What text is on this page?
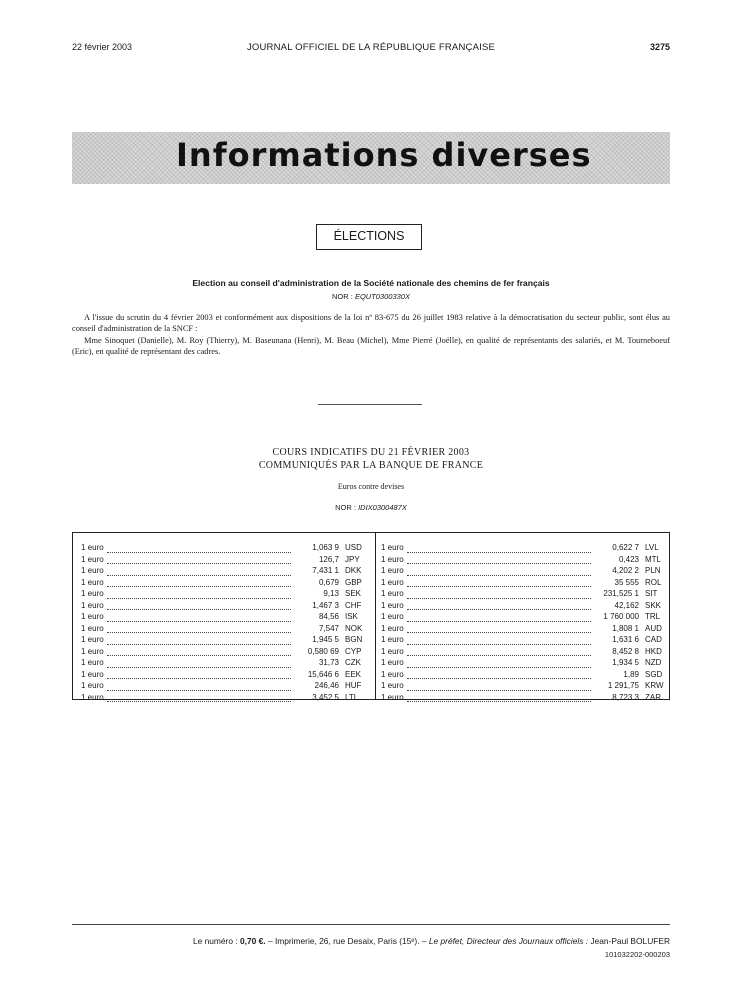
22 février 2003	JOURNAL OFFICIEL DE LA RÉPUBLIQUE FRANÇAISE	3275
Informations diverses
ÉLECTIONS
Election au conseil d'administration de la Société nationale des chemins de fer français
NOR : EQUT0300330X
A l'issue du scrutin du 4 février 2003 et conformément aux dispositions de la loi nº 83-675 du 26 juillet 1983 relative à la démocratisation du secteur public, sont élus au conseil d'administration de la SNCF :
Mme Sinoquet (Danielle), M. Roy (Thierry), M. Baseunana (Henri), M. Beau (Michel), Mme Pierré (Joëlle), en qualité de représentants des salariés, et M. Tourneboeuf (Eric), en qualité de représentant des cadres.
COURS INDICATIFS DU 21 FÉVRIER 2003
COMMUNIQUÉS PAR LA BANQUE DE FRANCE
Euros contre devises
NOR : IDIX0300487X
1 euro	1,063 9 USD
1 euro	126,7 JPY
1 euro	7,431 1 DKK
1 euro	0,679 GBP
1 euro	9,13 SEK
1 euro	1,467 3 CHF
1 euro	84,56 ISK
1 euro	7,547 NOK
1 euro	1,945 5 BGN
1 euro	0,580 69 CYP
1 euro	31,73 CZK
1 euro	15,646 6 EEK
1 euro	246,46 HUF
1 euro	3,452 5 LTL
1 euro	0,622 7 LVL
1 euro	0,423 MTL
1 euro	4,202 2 PLN
1 euro	35 555 ROL
1 euro	231,525 1 SIT
1 euro	42,162 SKK
1 euro	1 760 000 TRL
1 euro	1,808 1 AUD
1 euro	1,631 6 CAD
1 euro	8,452 8 HKD
1 euro	1,934 5 NZD
1 euro	1,89 SGD
1 euro	1 291,75 KRW
1 euro	8,723 3 ZAR
Le numéro : 0,70 €. – Imprimerie, 26, rue Desaix, Paris (15ᵉ). – Le préfet, Directeur des Journaux officiels : Jean-Paul BOLUFER
101032202-000203
